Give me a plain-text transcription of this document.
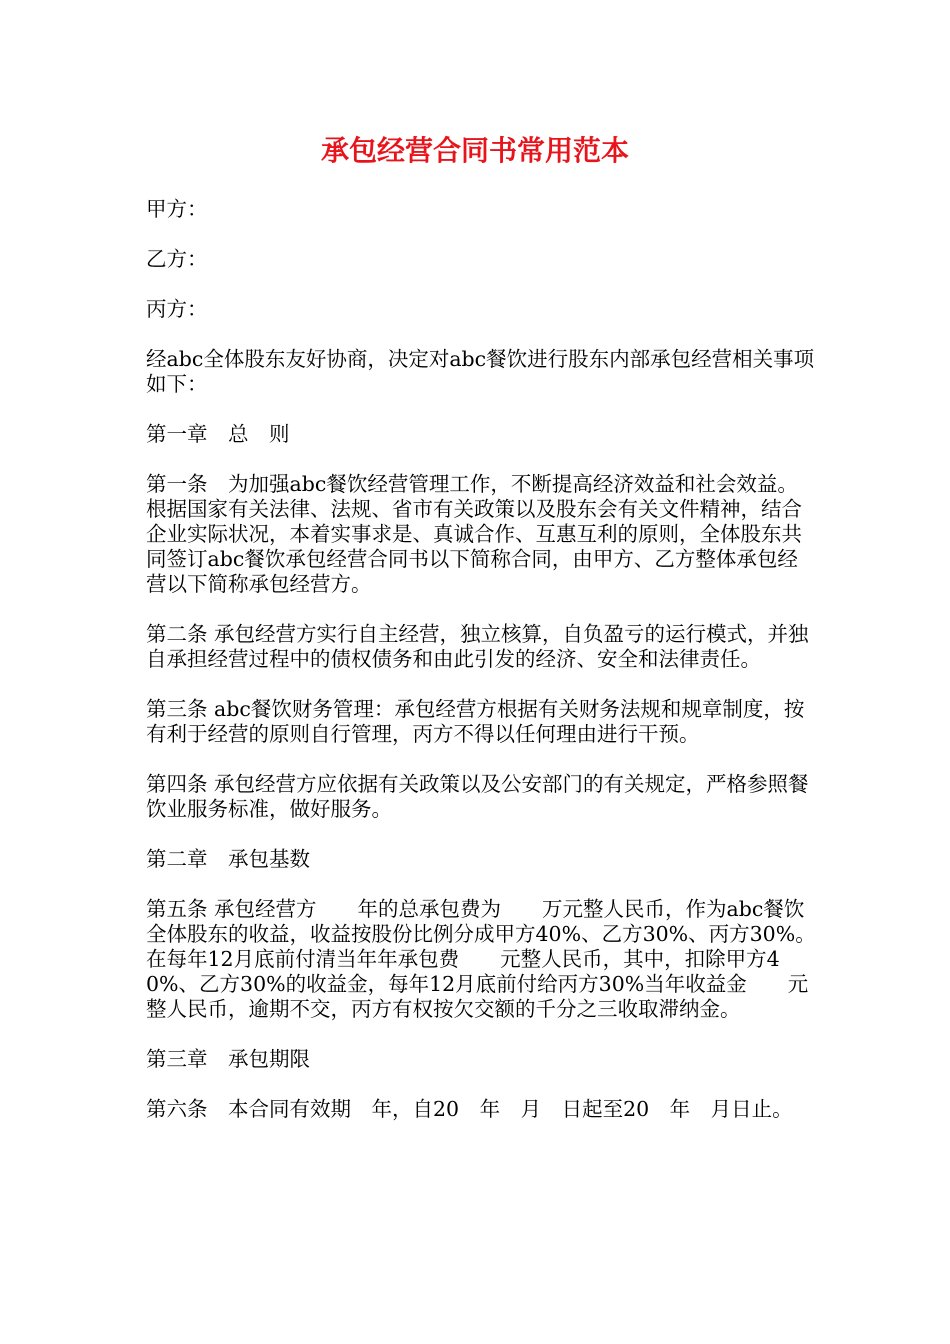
承包经营合同书常用范本

甲方：

乙方：

丙方：

经abc全体股东友好协商，决定对abc餐饮进行股东内部承包经营相关事项如下：

第一章　总　则

第一条　为加强abc餐饮经营管理工作，不断提高经济效益和社会效益。根据国家有关法律、法规、省市有关政策以及股东会有关文件精神，结合企业实际状况，本着实事求是、真诚合作、互惠互利的原则，全体股东共同签订abc餐饮承包经营合同书以下简称合同，由甲方、乙方整体承包经营以下简称承包经营方。

第二条 承包经营方实行自主经营，独立核算，自负盈亏的运行模式，并独自承担经营过程中的债权债务和由此引发的经济、安全和法律责任。

第三条 abc餐饮财务管理：承包经营方根据有关财务法规和规章制度，按有利于经营的原则自行管理，丙方不得以任何理由进行干预。

第四条 承包经营方应依据有关政策以及公安部门的有关规定，严格参照餐饮业服务标准，做好服务。

第二章　承包基数

第五条 承包经营方　　年的总承包费为　　万元整人民币，作为abc餐饮全体股东的收益，收益按股份比例分成甲方40%、乙方30%、丙方30%。在每年12月底前付清当年年承包费　　元整人民币，其中，扣除甲方40%、乙方30%的收益金，每年12月底前付给丙方30%当年收益金　　元整人民币，逾期不交，丙方有权按欠交额的千分之三收取滞纳金。

第三章　承包期限

第六条　本合同有效期　年，自20　年　月　日起至20　年　月日止。
